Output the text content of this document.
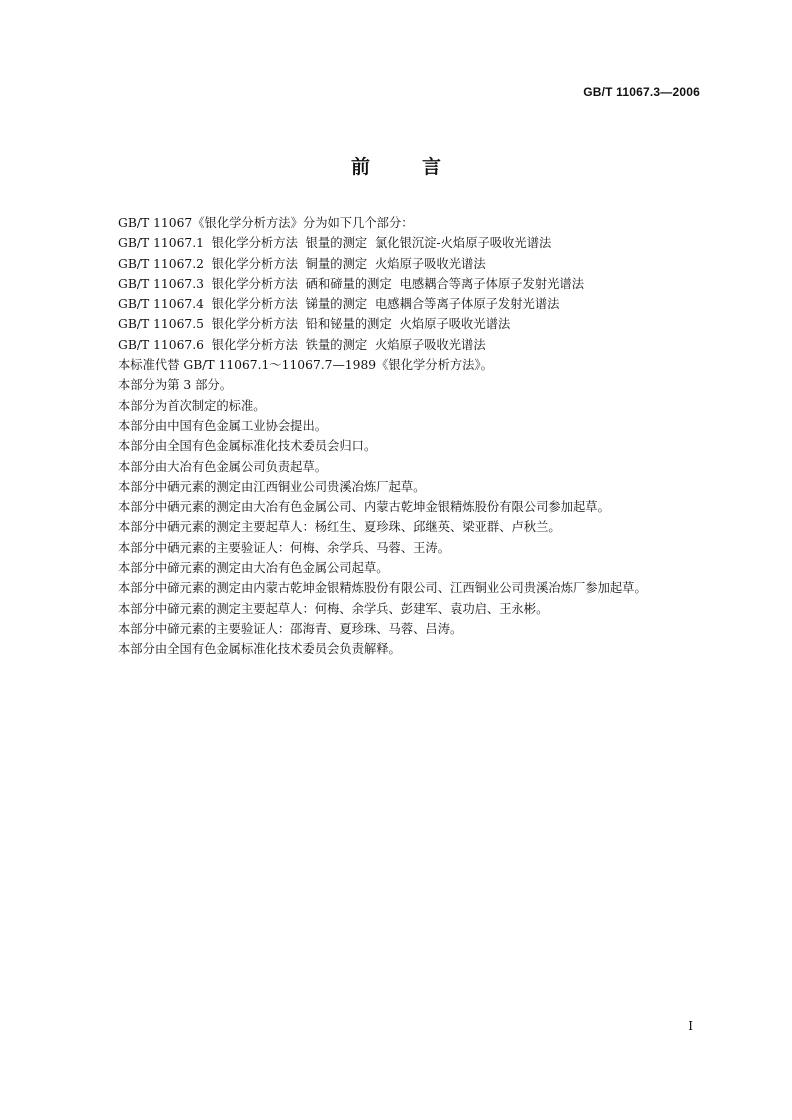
GB/T 11067.3—2006
前	言
GB/T 11067《银化学分析方法》分为如下几个部分：
GB/T 11067.1  银化学分析方法  银量的测定  氯化银沉淀-火焰原子吸收光谱法
GB/T 11067.2  银化学分析方法  铜量的测定  火焰原子吸收光谱法
GB/T 11067.3  银化学分析方法  硒和碲量的测定  电感耦合等离子体原子发射光谱法
GB/T 11067.4  银化学分析方法  锑量的测定  电感耦合等离子体原子发射光谱法
GB/T 11067.5  银化学分析方法  铅和铋量的测定  火焰原子吸收光谱法
GB/T 11067.6  银化学分析方法  铁量的测定  火焰原子吸收光谱法
本标准代替 GB/T 11067.1～11067.7—1989《银化学分析方法》。
本部分为第 3 部分。
本部分为首次制定的标准。
本部分由中国有色金属工业协会提出。
本部分由全国有色金属标准化技术委员会归口。
本部分由大冶有色金属公司负责起草。
本部分中硒元素的测定由江西铜业公司贵溪冶炼厂起草。
本部分中硒元素的测定由大冶有色金属公司、内蒙古乾坤金银精炼股份有限公司参加起草。
本部分中硒元素的测定主要起草人：杨红生、夏珍珠、邱继英、梁亚群、卢秋兰。
本部分中硒元素的主要验证人：何梅、余学兵、马蓉、王涛。
本部分中碲元素的测定由大冶有色金属公司起草。
本部分中碲元素的测定由内蒙古乾坤金银精炼股份有限公司、江西铜业公司贵溪冶炼厂参加起草。
本部分中碲元素的测定主要起草人：何梅、余学兵、彭建军、袁功启、王永彬。
本部分中碲元素的主要验证人：邵海青、夏珍珠、马蓉、吕涛。
本部分由全国有色金属标准化技术委员会负责解释。
I
